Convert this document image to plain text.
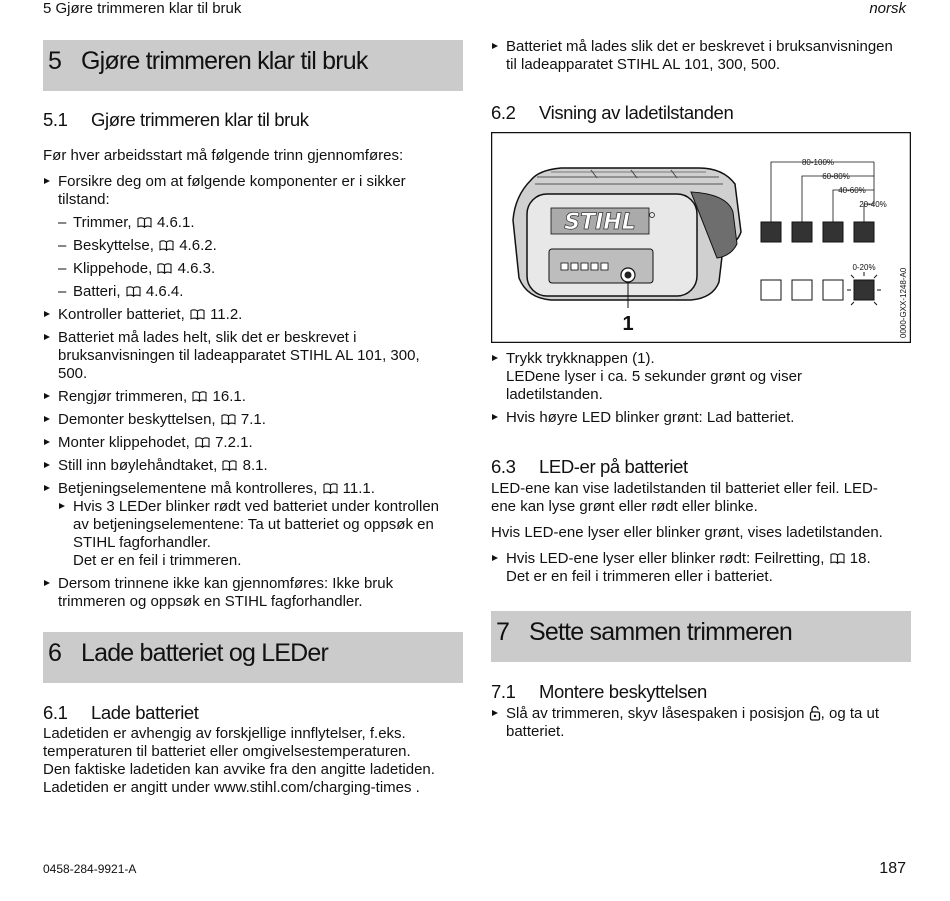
5 Gjøre trimmeren klar til bruk	norsk
5 Gjøre trimmeren klar til bruk
5.1 Gjøre trimmeren klar til bruk
Før hver arbeidsstart må følgende trinn gjennomføres:
Forsikre deg om at følgende komponenter er i sikker
tilstand:
– Trimmer, 4.6.1.
– Beskyttelse, 4.6.2.
– Klippehode, 4.6.3.
– Batteri, 4.6.4.
Kontroller batteriet, 11.2.
Batteriet må lades helt, slik det er beskrevet i
bruksanvisningen til ladeapparatet STIHL AL 101, 300,
500.
Rengjør trimmeren, 16.1.
Demonter beskyttelsen, 7.1.
Monter klippehodet, 7.2.1.
Still inn bøylehåndtaket, 8.1.
Betjeningselementene må kontrolleres, 11.1.
Hvis 3 LEDer blinker rødt ved batteriet under kontrollen
av betjeningselementene: Ta ut batteriet og oppsøk en
STIHL fagforhandler.
Det er en feil i trimmeren.
Dersom trinnene ikke kan gjennomføres: Ikke bruk
trimmeren og oppsøk en STIHL fagforhandler.
6 Lade batteriet og LEDer
6.1 Lade batteriet
Ladetiden er avhengig av forskjellige innflytelser, f.eks.
temperaturen til batteriet eller omgivelsestemperaturen.
Den faktiske ladetiden kan avvike fra den angitte ladetiden.
Ladetiden er angitt under www.stihl.com/charging-times .
Batteriet må lades slik det er beskrevet i bruksanvisningen
til ladeapparatet STIHL AL 101, 300, 500.
6.2 Visning av ladetilstanden
STIHL
1
80-100%
60-80%
40-60%
20-40%
0-20%
0000-GXX-1248-A0
Trykk trykknappen (1).
LEDene lyser i ca. 5 sekunder grønt og viser
ladetilstanden.
Hvis høyre LED blinker grønt: Lad batteriet.
6.3 LED-er på batteriet
LED-ene kan vise ladetilstanden til batteriet eller feil. LED-
ene kan lyse grønt eller rødt eller blinke.
Hvis LED-ene lyser eller blinker grønt, vises ladetilstanden.
Hvis LED-ene lyser eller blinker rødt: Feilretting, 18.
Det er en feil i trimmeren eller i batteriet.
7 Sette sammen trimmeren
7.1 Montere beskyttelsen
Slå av trimmeren, skyv låsespaken i posisjon , og ta ut
batteriet.
0458-284-9921-A	187
